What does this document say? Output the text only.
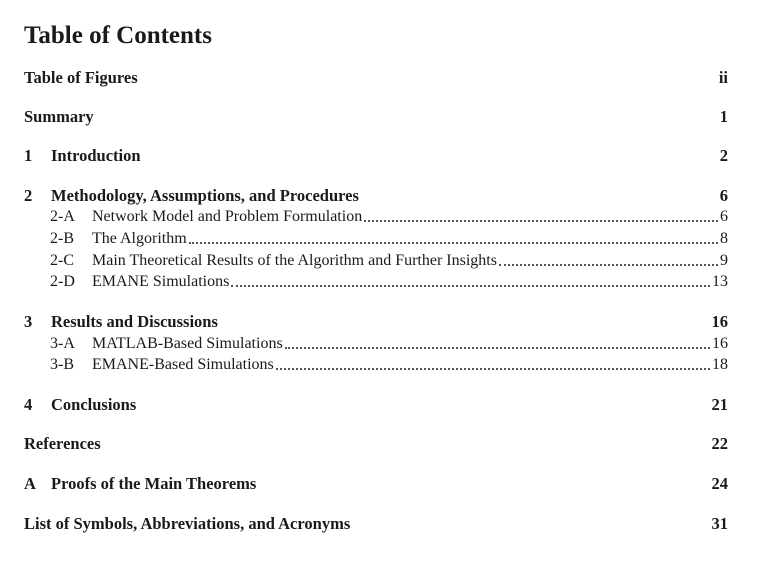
Table of Contents
Table of Figures	ii
Summary	1
1	Introduction	2
2	Methodology, Assumptions, and Procedures	6
2-A	Network Model and Problem Formulation	6
2-B	The Algorithm	8
2-C	Main Theoretical Results of the Algorithm and Further Insights	9
2-D	EMANE Simulations	13
3	Results and Discussions	16
3-A	MATLAB-Based Simulations	16
3-B	EMANE-Based Simulations	18
4	Conclusions	21
References	22
A Proofs of the Main Theorems	24
List of Symbols, Abbreviations, and Acronyms	31
